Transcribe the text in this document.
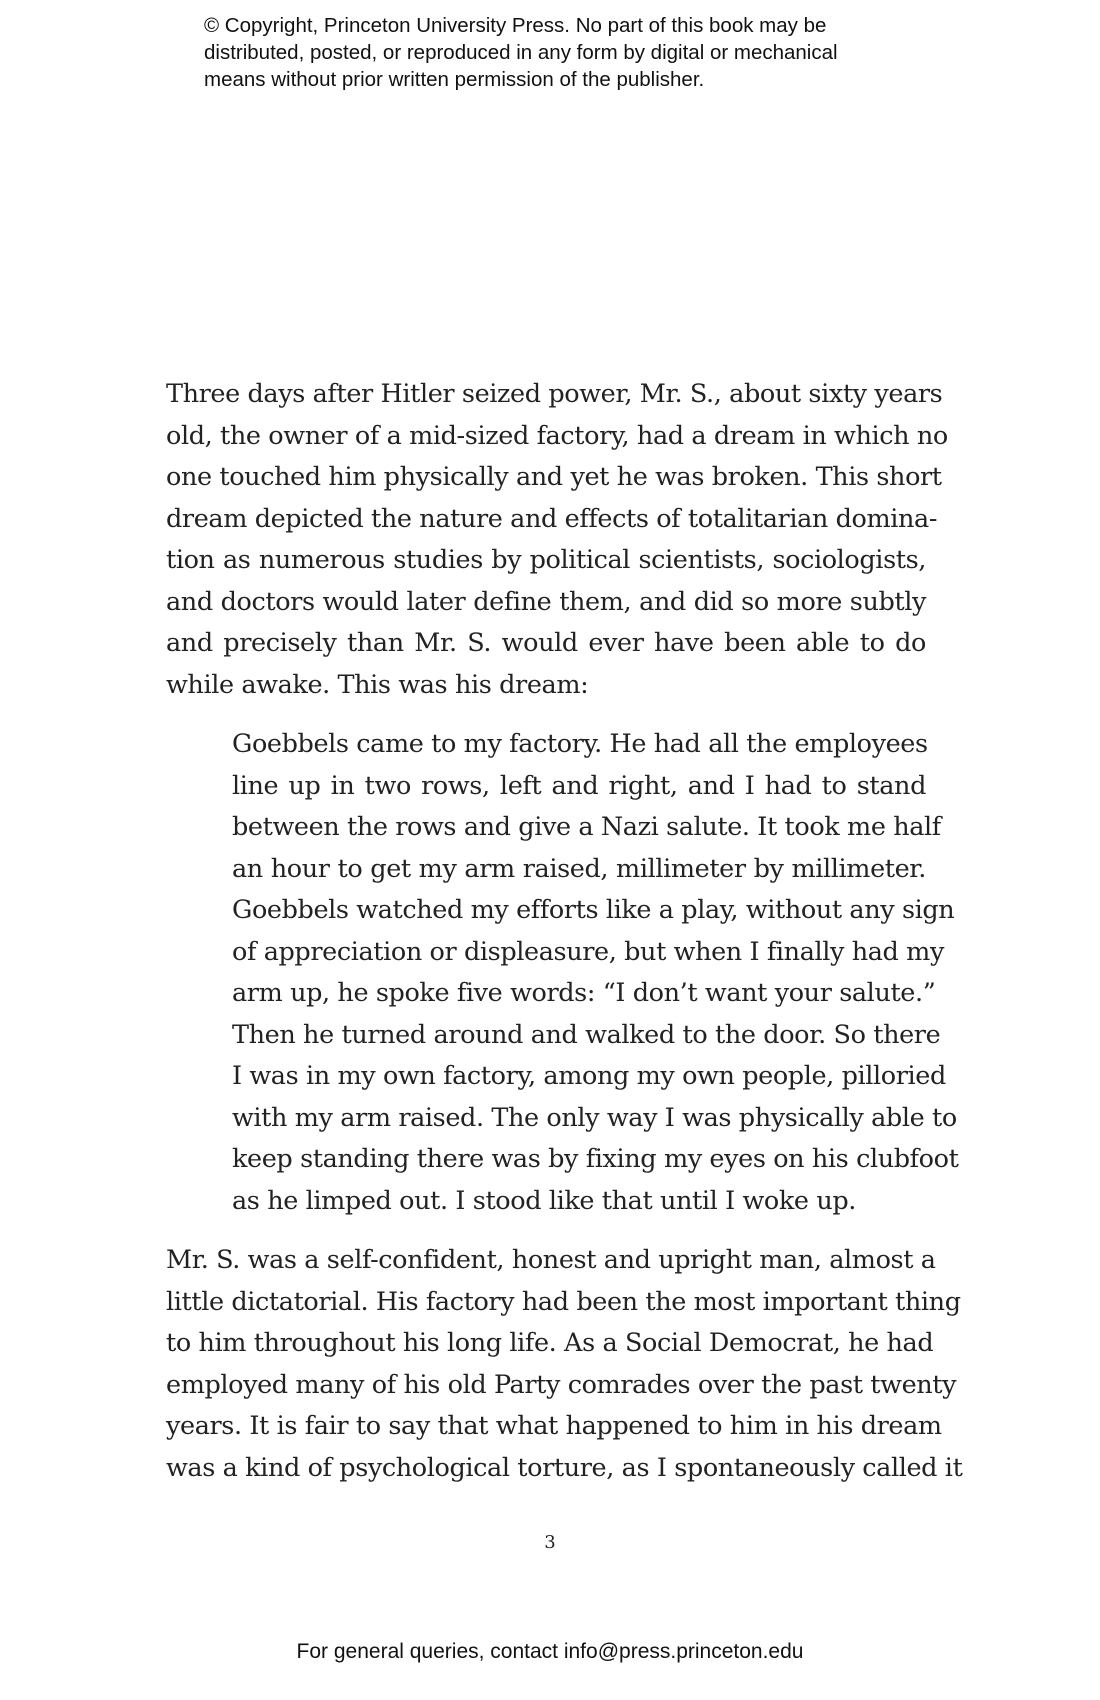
© Copyright, Princeton University Press. No part of this book may be
distributed, posted, or reproduced in any form by digital or mechanical
means without prior written permission of the publisher.
Three days after Hitler seized power, Mr. S., about sixty years
old, the owner of a mid-sized factory, had a dream in which no
one touched him physically and yet he was broken. This short
dream depicted the nature and effects of totalitarian domina-
tion as numerous studies by political scientists, sociologists,
and doctors would later define them, and did so more subtly
and precisely than Mr. S. would ever have been able to do
while awake. This was his dream:
Goebbels came to my factory. He had all the employees
line up in two rows, left and right, and I had to stand
between the rows and give a Nazi salute. It took me half
an hour to get my arm raised, millimeter by millimeter.
Goebbels watched my efforts like a play, without any sign
of appreciation or displeasure, but when I finally had my
arm up, he spoke five words: “I don’t want your salute.”
Then he turned around and walked to the door. So there
I was in my own factory, among my own people, pilloried
with my arm raised. The only way I was physically able to
keep standing there was by fixing my eyes on his clubfoot
as he limped out. I stood like that until I woke up.
Mr. S. was a self-confident, honest and upright man, almost a
little dictatorial. His factory had been the most important thing
to him throughout his long life. As a Social Democrat, he had
employed many of his old Party comrades over the past twenty
years. It is fair to say that what happened to him in his dream
was a kind of psychological torture, as I spontaneously called it
3
For general queries, contact info@press.princeton.edu
